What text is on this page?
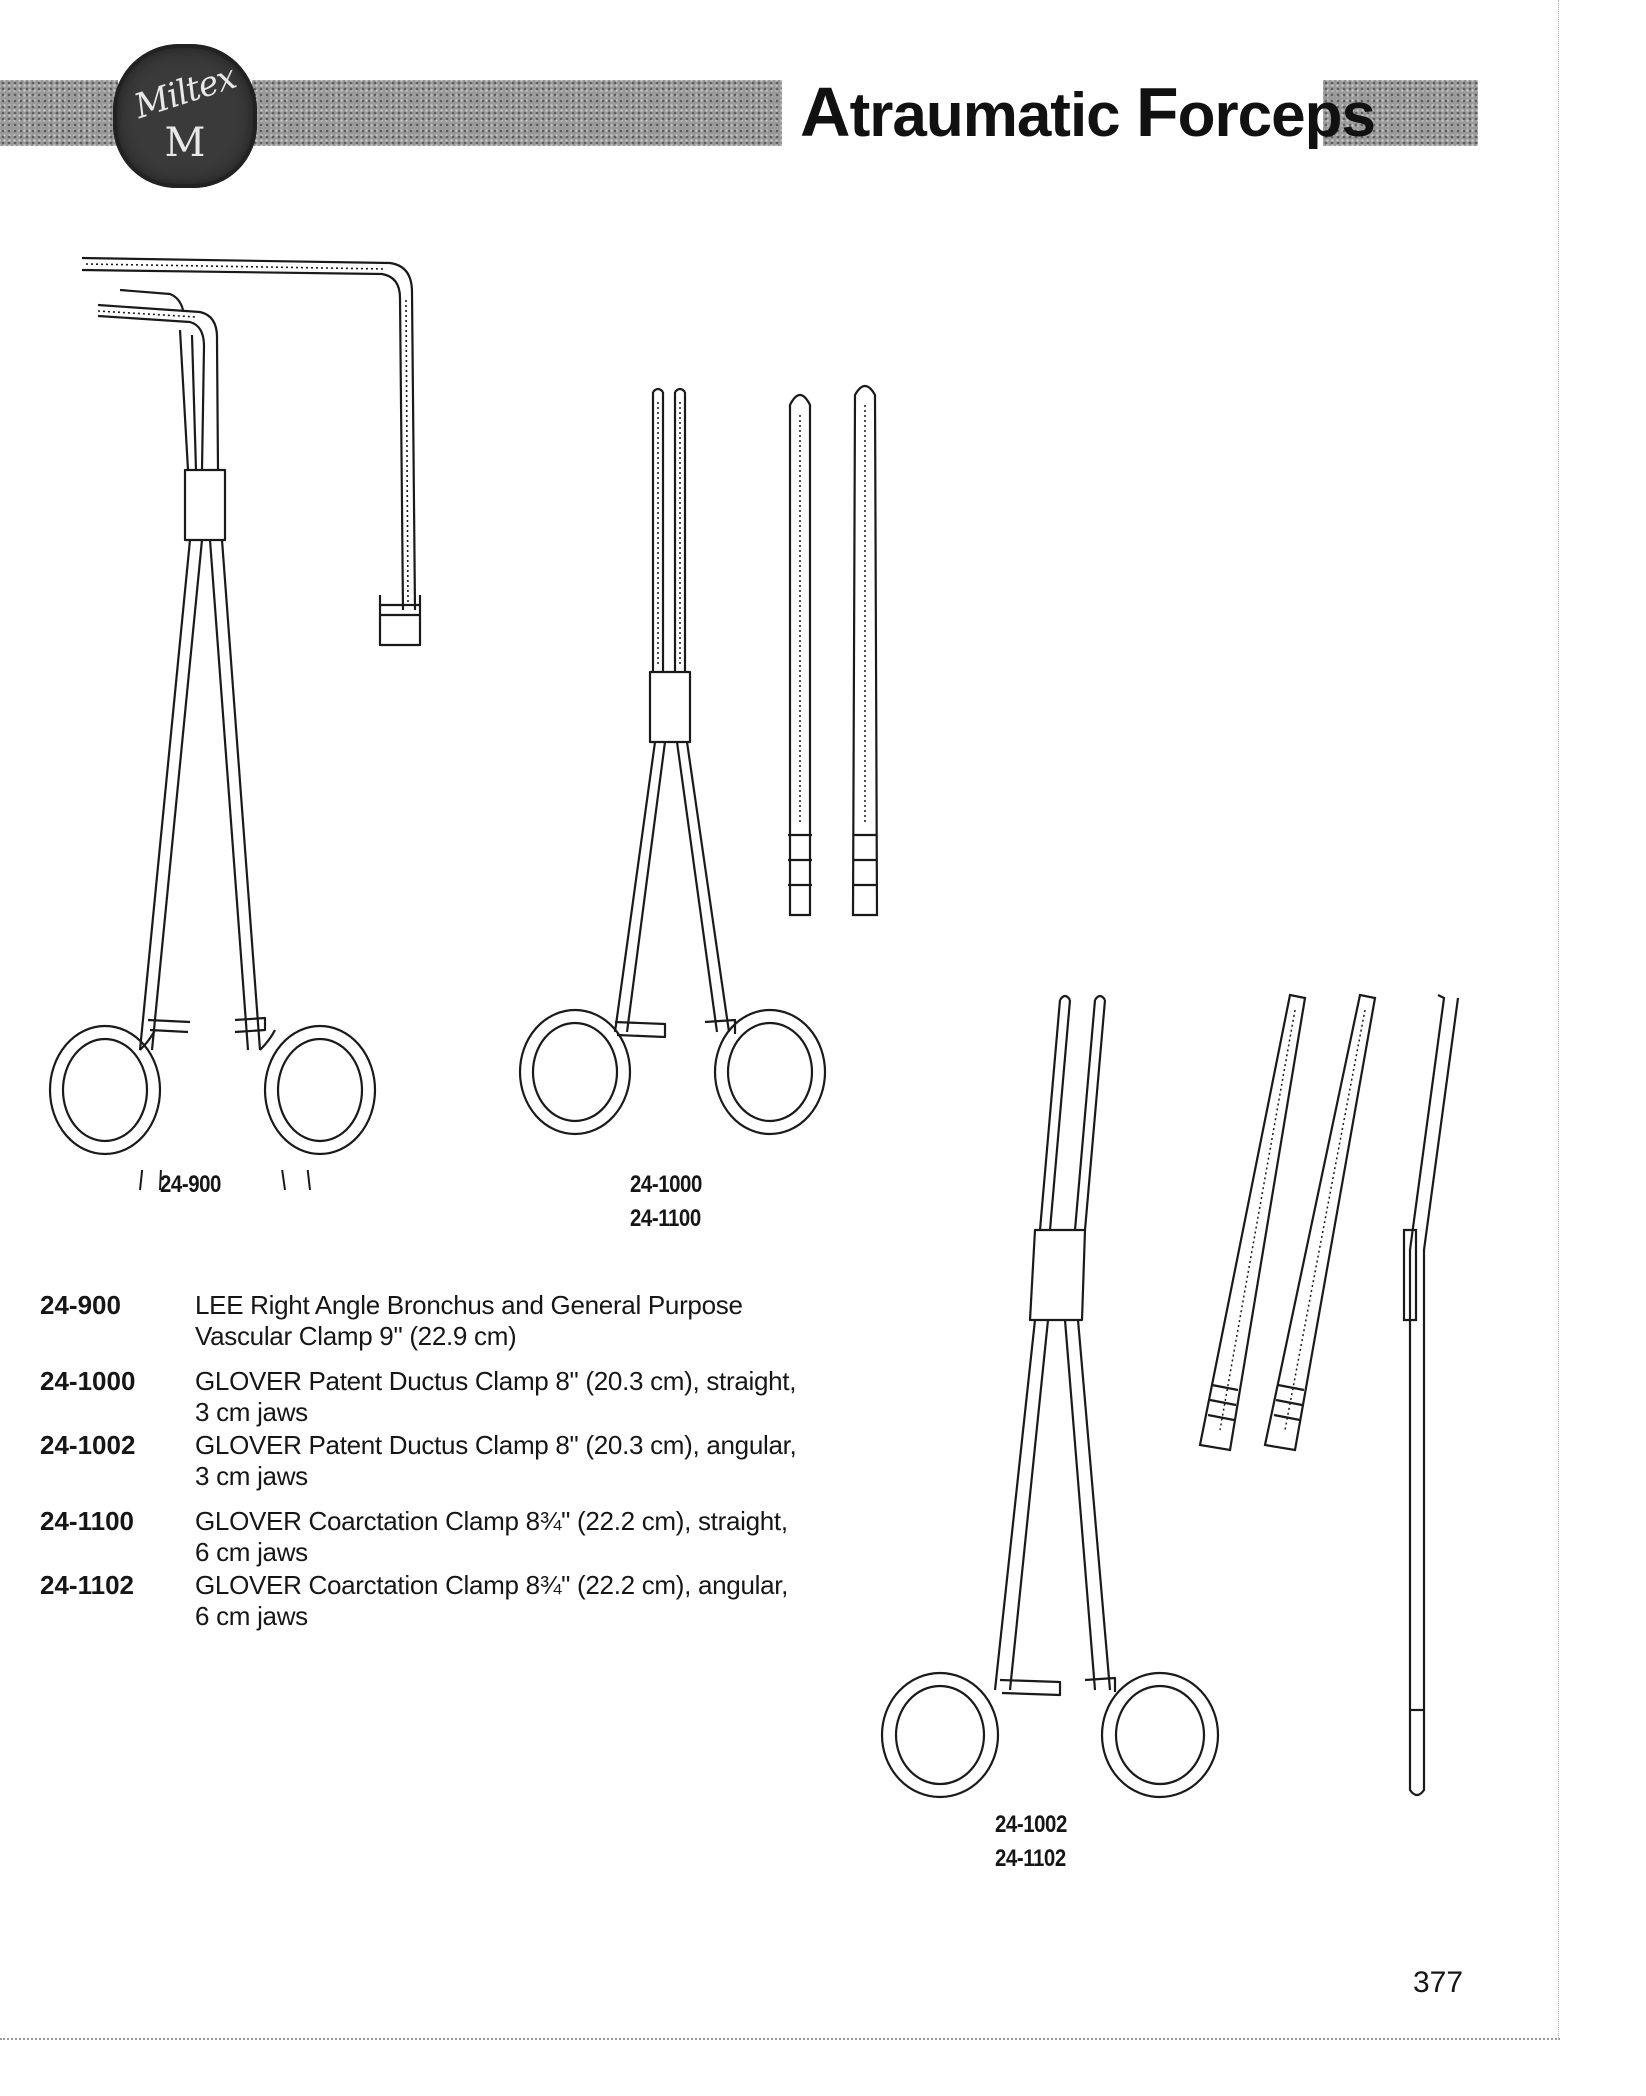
Miltex
M	Atraumatic Forceps
24-900	24-1000
24-1100
24-1002
24-1102
24-900	LEE Right Angle Bronchus and General Purpose
Vascular Clamp 9" (22.9 cm)
24-1000	GLOVER Patent Ductus Clamp 8" (20.3 cm), straight,
3 cm jaws
24-1002	GLOVER Patent Ductus Clamp 8" (20.3 cm), angular,
3 cm jaws
24-1100	GLOVER Coarctation Clamp 8¾" (22.2 cm), straight,
6 cm jaws
24-1102	GLOVER Coarctation Clamp 8¾" (22.2 cm), angular,
6 cm jaws

377
